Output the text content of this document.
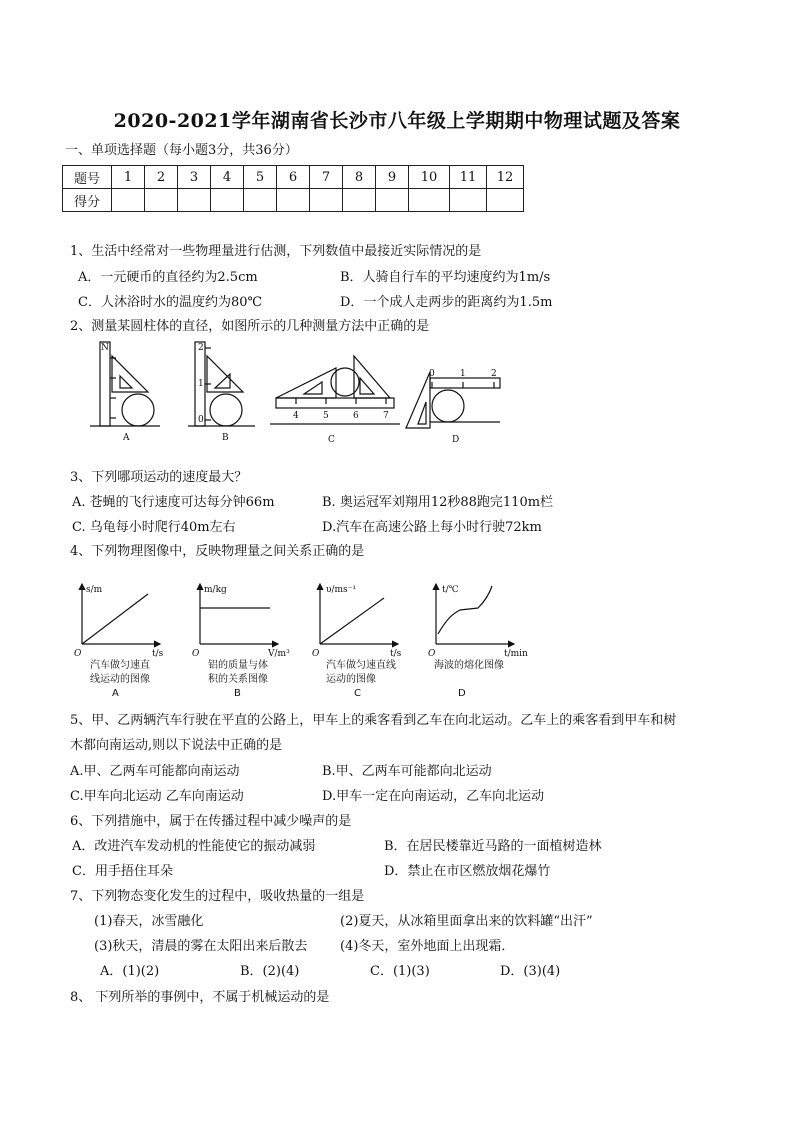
2020-2021学年湖南省长沙市八年级上学期期中物理试题及答案
一、单项选择题（每小题3分，共36分）
题号	1	2	3	4	5	6	7	8	9	10	11	12
得分												
1、生活中经常对一些物理量进行估测，下列数值中最接近实际情况的是
A．一元硬币的直径约为2.5cm	B．人骑自行车的平均速度约为1m/s
C．人沐浴时水的温度约为80℃	D．一个成人走两步的距离约为1.5m
2、测量某圆柱体的直径，如图所示的几种测量方法中正确的是
N	2
1
0	4	5	6	7
0	1	2
A	B	C	D
3、下列哪项运动的速度最大？
A. 苍蝇的飞行速度可达每分钟66m	B. 奥运冠军刘翔用12秒88跑完110m栏
C. 乌龟每小时爬行40m左右	D.汽车在高速公路上每小时行驶72km
4、下列物理图像中，反映物理量之间关系正确的是
s/m
t/s
O
m/kg
V/m³
O
υ/ms⁻¹
t/s
O
t/℃
t/min
O
汽车做匀速直
线运动的图像
A
铝的质量与体
积的关系图像
B
汽车做匀速直线
运动的图像
C
海波的熔化图像
D
5、甲、乙两辆汽车行驶在平直的公路上，甲车上的乘客看到乙车在向北运动。乙车上的乘客看到甲车和树
木都向南运动,则以下说法中正确的是
A.甲、乙两车可能都向南运动	B.甲、乙两车可能都向北运动
C.甲车向北运动 乙车向南运动	D.甲车一定在向南运动，乙车向北运动
6、下列措施中，属于在传播过程中减少噪声的是
A．改进汽车发动机的性能使它的振动减弱	B．在居民楼靠近马路的一面植树造林
C．用手捂住耳朵	D．禁止在市区燃放烟花爆竹
7、下列物态变化发生的过程中，吸收热量的一组是
(1)春天，冰雪融化	(2)夏天，从冰箱里面拿出来的饮料罐“出汗”
(3)秋天，清晨的雾在太阳出来后散去	(4)冬天，室外地面上出现霜．
A．(1)(2)	B．(2)(4)	C．(1)(3)	D．(3)(4)
8、 下列所举的事例中，不属于机械运动的是
